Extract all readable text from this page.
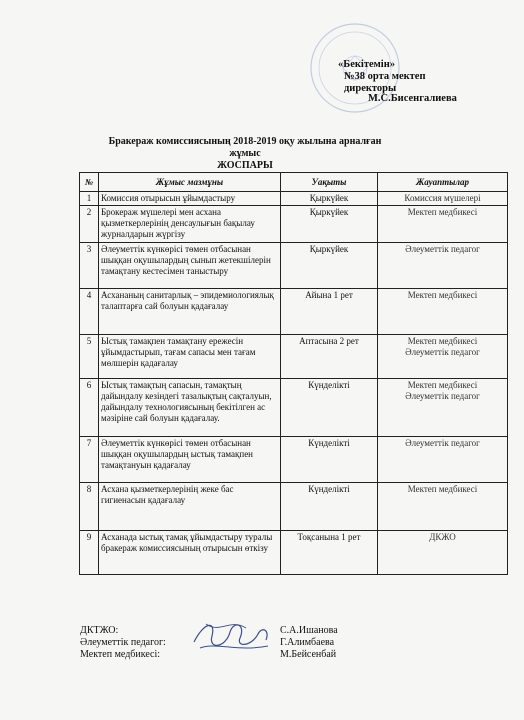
«Бекітемін»
№38 орта мектеп
директоры
М.С.Бисенгалиева
Бракераж комиссиясының 2018-2019 оқу жылына арналған жұмыс
ЖОСПАРЫ
№	Жұмыс мазмұны	Уақыты	Жауаптылар
1	Комиссия отырысын ұйымдастыру	Қыркүйек	Комиссия мүшелері

2	Брокераж мүшелері мен асхана қызметкерлерінің денсаулығын бақылау журналдарын жүргізу	Қыркүйек	Мектеп медбикесі

3	Әлеуметтік күнкөрісі төмен отбасынан шыққан оқушылардың сынып жетекшілерін тамақтану кестесімен таныстыру	Қыркүйек	Әлеуметтік педагог

4	Асхананың санитарлық – эпидемиологиялық талаптарға сай болуын қадағалау	Айына 1 рет	Мектеп медбикесі

5	Ыстық тамақпен тамақтану ережесін ұйымдастырып, тағам сапасы мен тағам мөлшерін қадағалау	Аптасына 2 рет	Мектеп медбикесі
Әлеуметтік педагог

6	Ыстық тамақтың сапасын, тамақтың дайындалу кезіндегі тазалықтың сақталуын, дайындалу технологиясының бекітілген ас мәзіріне сай болуын қадағалау.	Күнделікті	Мектеп медбикесі
Әлеуметтік педагог

7	Әлеуметтік күнкөрісі төмен отбасынан шыққан оқушылардың ыстық тамақпен тамақтануын қадағалау	Күнделікті	Әлеуметтік педагог

8	Асхана қызметкерлерінің жеке бас гигиенасын қадағалау	Күнделікті	Мектеп медбикесі

9	Асханада ыстық тамақ ұйымдастыру туралы бракераж комиссиясының отырысын өткізу	Тоқсанына 1 рет	ДКЖО
ДКТЖО:	С.А.Ишанова
Әлеуметтік педагог:	Г.Алимбаева
Мектеп медбикесі:	М.Бейсенбай
